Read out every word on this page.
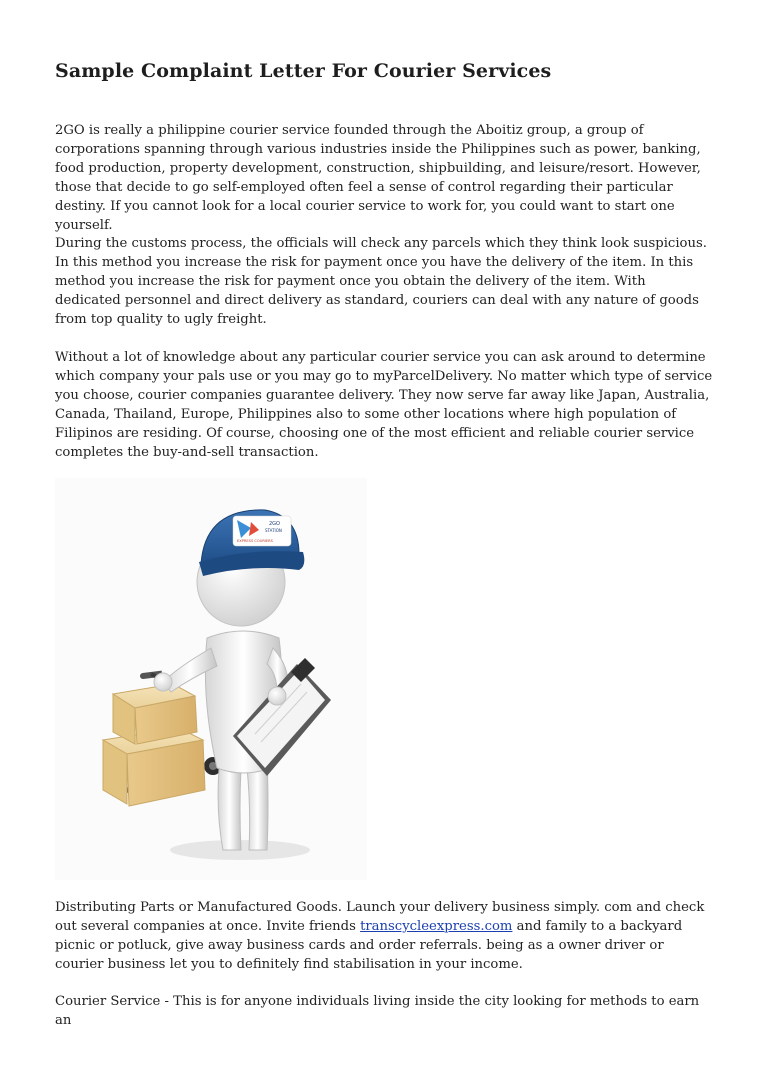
Sample Complaint Letter For Courier Services

2GO is really a philippine courier service founded through the Aboitiz group, a group of corporations spanning through various industries inside the Philippines such as power, banking, food production, property development, construction, shipbuilding, and leisure/resort. However, those that decide to go self-employed often feel a sense of control regarding their particular destiny. If you cannot look for a local courier service to work for, you could want to start one yourself.

During the customs process, the officials will check any parcels which they think look suspicious. In this method you increase the risk for payment once you have the delivery of the item. In this method you increase the risk for payment once you obtain the delivery of the item. With dedicated personnel and direct delivery as standard, couriers can deal with any nature of goods from top quality to ugly freight.

Without a lot of knowledge about any particular courier service you can ask around to determine which company your pals use or you may go to myParcelDelivery. No matter which type of service you choose, courier companies guarantee delivery. They now serve far away like Japan, Australia, Canada, Thailand, Europe, Philippines also to some other locations where high population of Filipinos are residing. Of course, choosing one of the most efficient and reliable courier service completes the buy-and-sell transaction.

Distributing Parts or Manufactured Goods. Launch your delivery business simply. com and check out several companies at once. Invite friends transcycleexpress.com and family to a backyard picnic or potluck, give away business cards and order referrals. being as a owner driver or courier business let you to definitely find stabilisation in your income.

Courier Service - This is for anyone individuals living inside the city looking for methods to earn an

2GO
STATION
EXPRESS COURIERS
